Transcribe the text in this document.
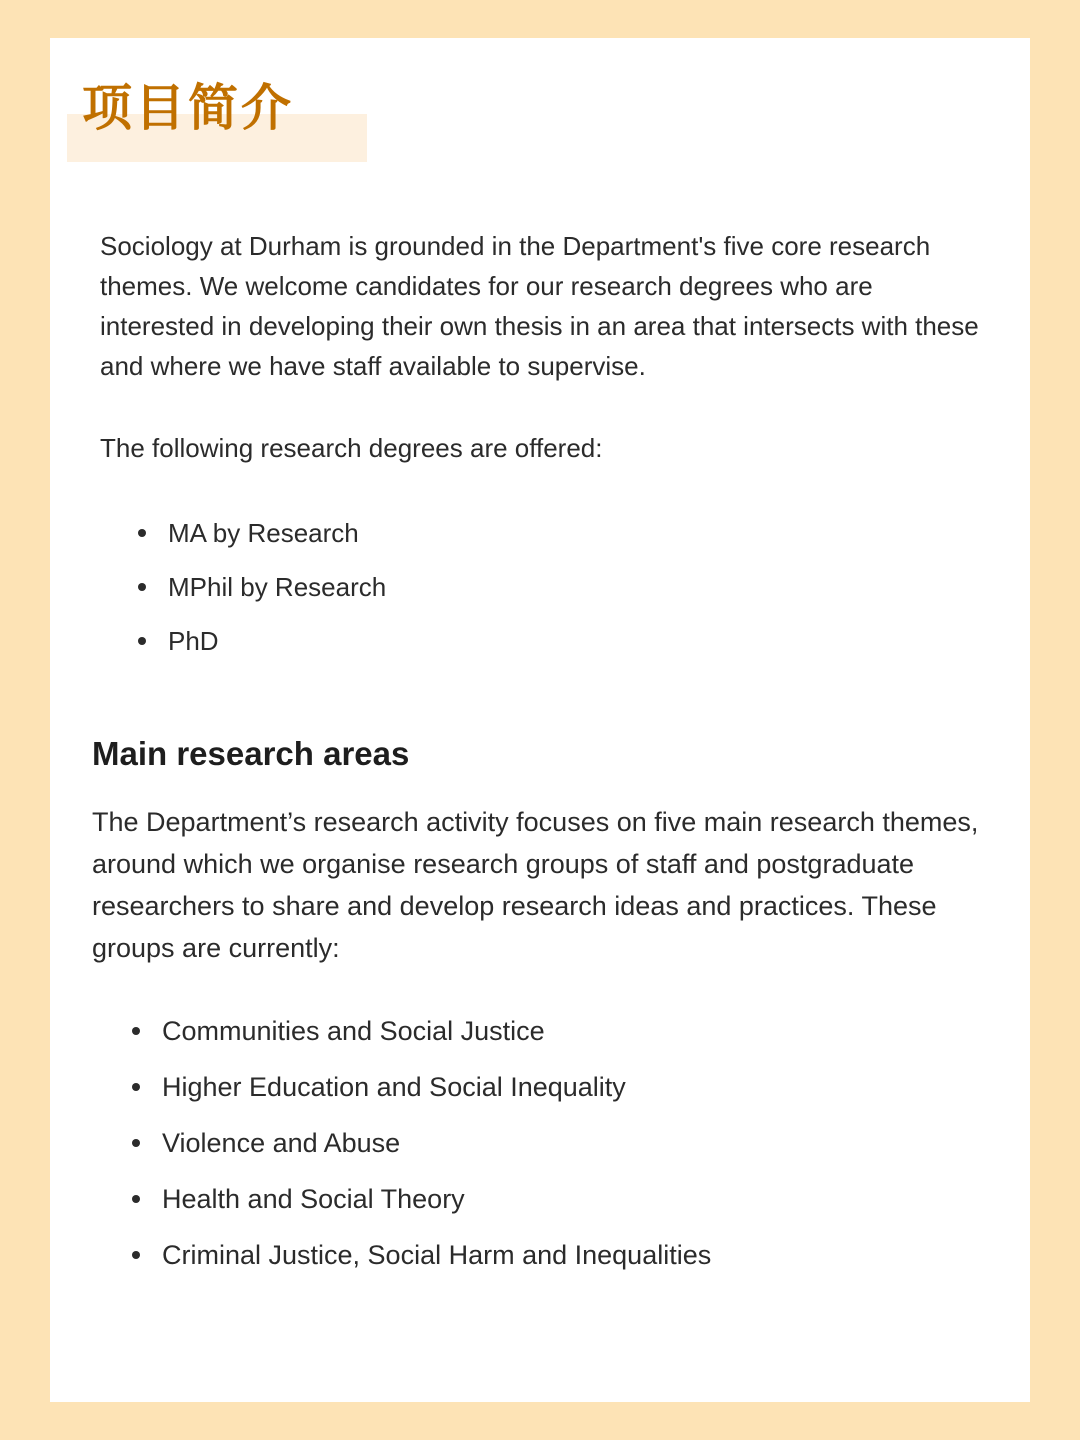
项目简介

Sociology at Durham is grounded in the Department's five core research themes. We welcome candidates for our research degrees who are interested in developing their own thesis in an area that intersects with these and where we have staff available to supervise.

The following research degrees are offered:

MA by Research
MPhil by Research
PhD
Main research areas

The Department’s research activity focuses on five main research themes, around which we organise research groups of staff and postgraduate researchers to share and develop research ideas and practices. These groups are currently:

Communities and Social Justice
Higher Education and Social Inequality
Violence and Abuse
Health and Social Theory
Criminal Justice, Social Harm and Inequalities
